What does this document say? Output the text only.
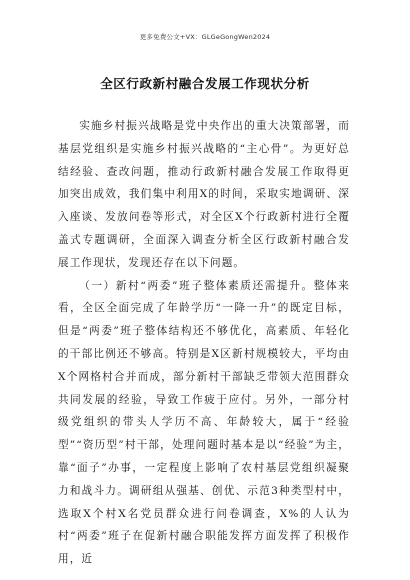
更多免费公文+VX：GLGeGongWen2024
全区行政新村融合发展工作现状分析

实施乡村振兴战略是党中央作出的重大决策部署，而基层党组织是实施乡村振兴战略的“主心骨”。为更好总结经验、查改问题，推动行政新村融合发展工作取得更加突出成效，我们集中利用X的时间，采取实地调研、深入座谈、发放问卷等形式，对全区X个行政新村进行全覆盖式专题调研，全面深入调查分析全区行政新村融合发展工作现状，发现还存在以下问题。

（一）新村“两委”班子整体素质还需提升。整体来看，全区全面完成了年龄学历“一降一升”的既定目标，但是“两委”班子整体结构还不够优化，高素质、年轻化的干部比例还不够高。特别是X区新村规模较大，平均由X个网格村合并而成，部分新村干部缺乏带领大范围群众共同发展的经验，导致工作疲于应付。另外，一部分村级党组织的带头人学历不高、年龄较大，属于“经验型”“资历型”村干部，处理问题时基本是以“经验”为主，靠“面子”办事，一定程度上影响了农村基层党组织凝聚力和战斗力。调研组从强基、创优、示范3种类型村中，选取X个村X名党员群众进行问卷调查，X%的人认为村“两委”班子在促新村融合职能发挥方面发挥了积极作用，近
